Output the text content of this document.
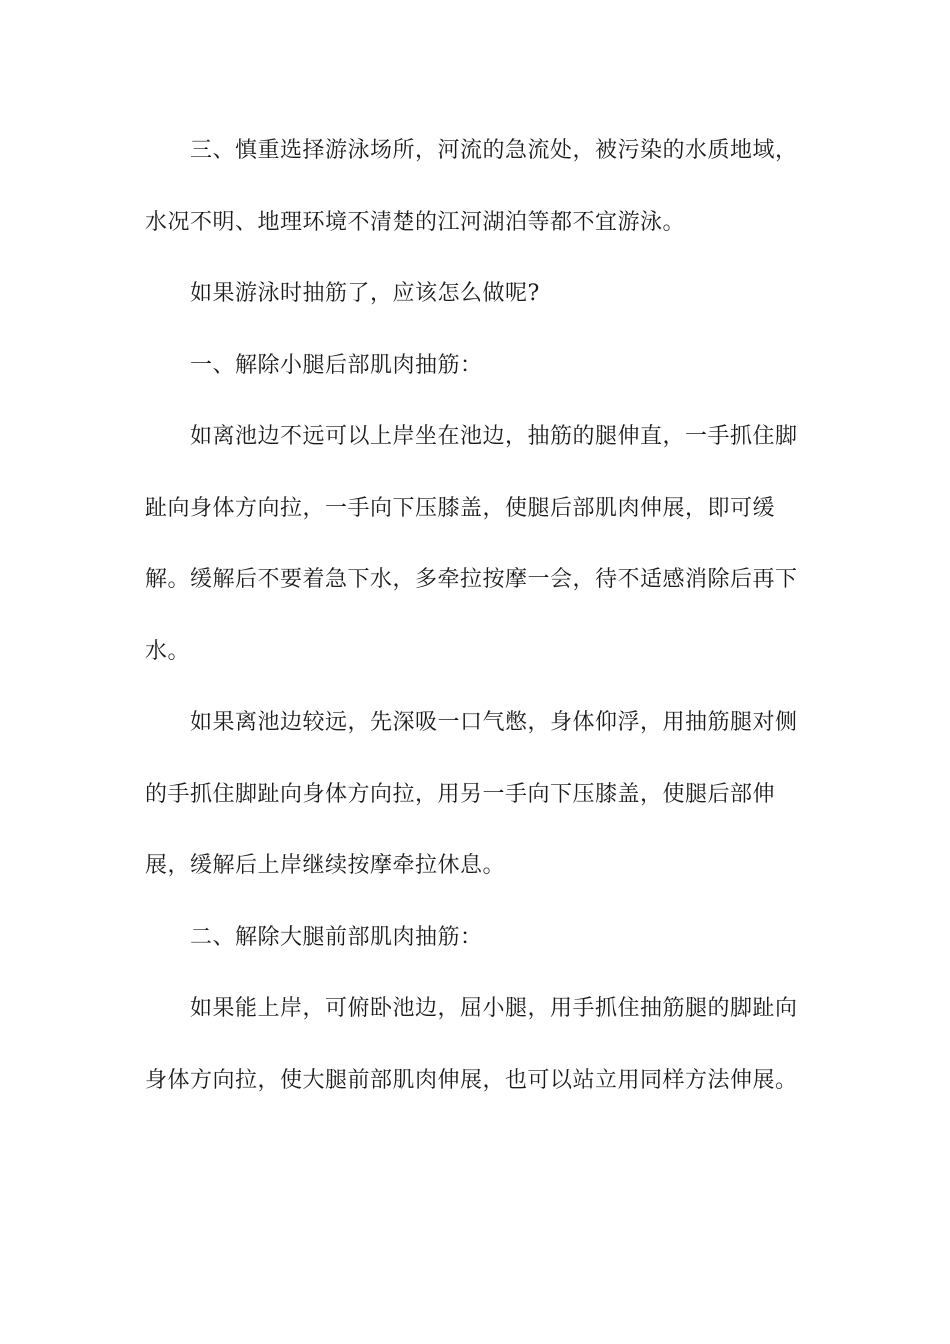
三、慎重选择游泳场所，河流的急流处，被污染的水质地域，
水况不明、地理环境不清楚的江河湖泊等都不宜游泳。
如果游泳时抽筋了，应该怎么做呢?
一、解除小腿后部肌肉抽筋：
如离池边不远可以上岸坐在池边，抽筋的腿伸直，一手抓住脚
趾向身体方向拉，一手向下压膝盖，使腿后部肌肉伸展，即可缓
解。缓解后不要着急下水，多牵拉按摩一会，待不适感消除后再下
水。
如果离池边较远，先深吸一口气憋，身体仰浮，用抽筋腿对侧
的手抓住脚趾向身体方向拉，用另一手向下压膝盖，使腿后部伸
展，缓解后上岸继续按摩牵拉休息。
二、解除大腿前部肌肉抽筋：
如果能上岸，可俯卧池边，屈小腿，用手抓住抽筋腿的脚趾向
身体方向拉，使大腿前部肌肉伸展，也可以站立用同样方法伸展。
